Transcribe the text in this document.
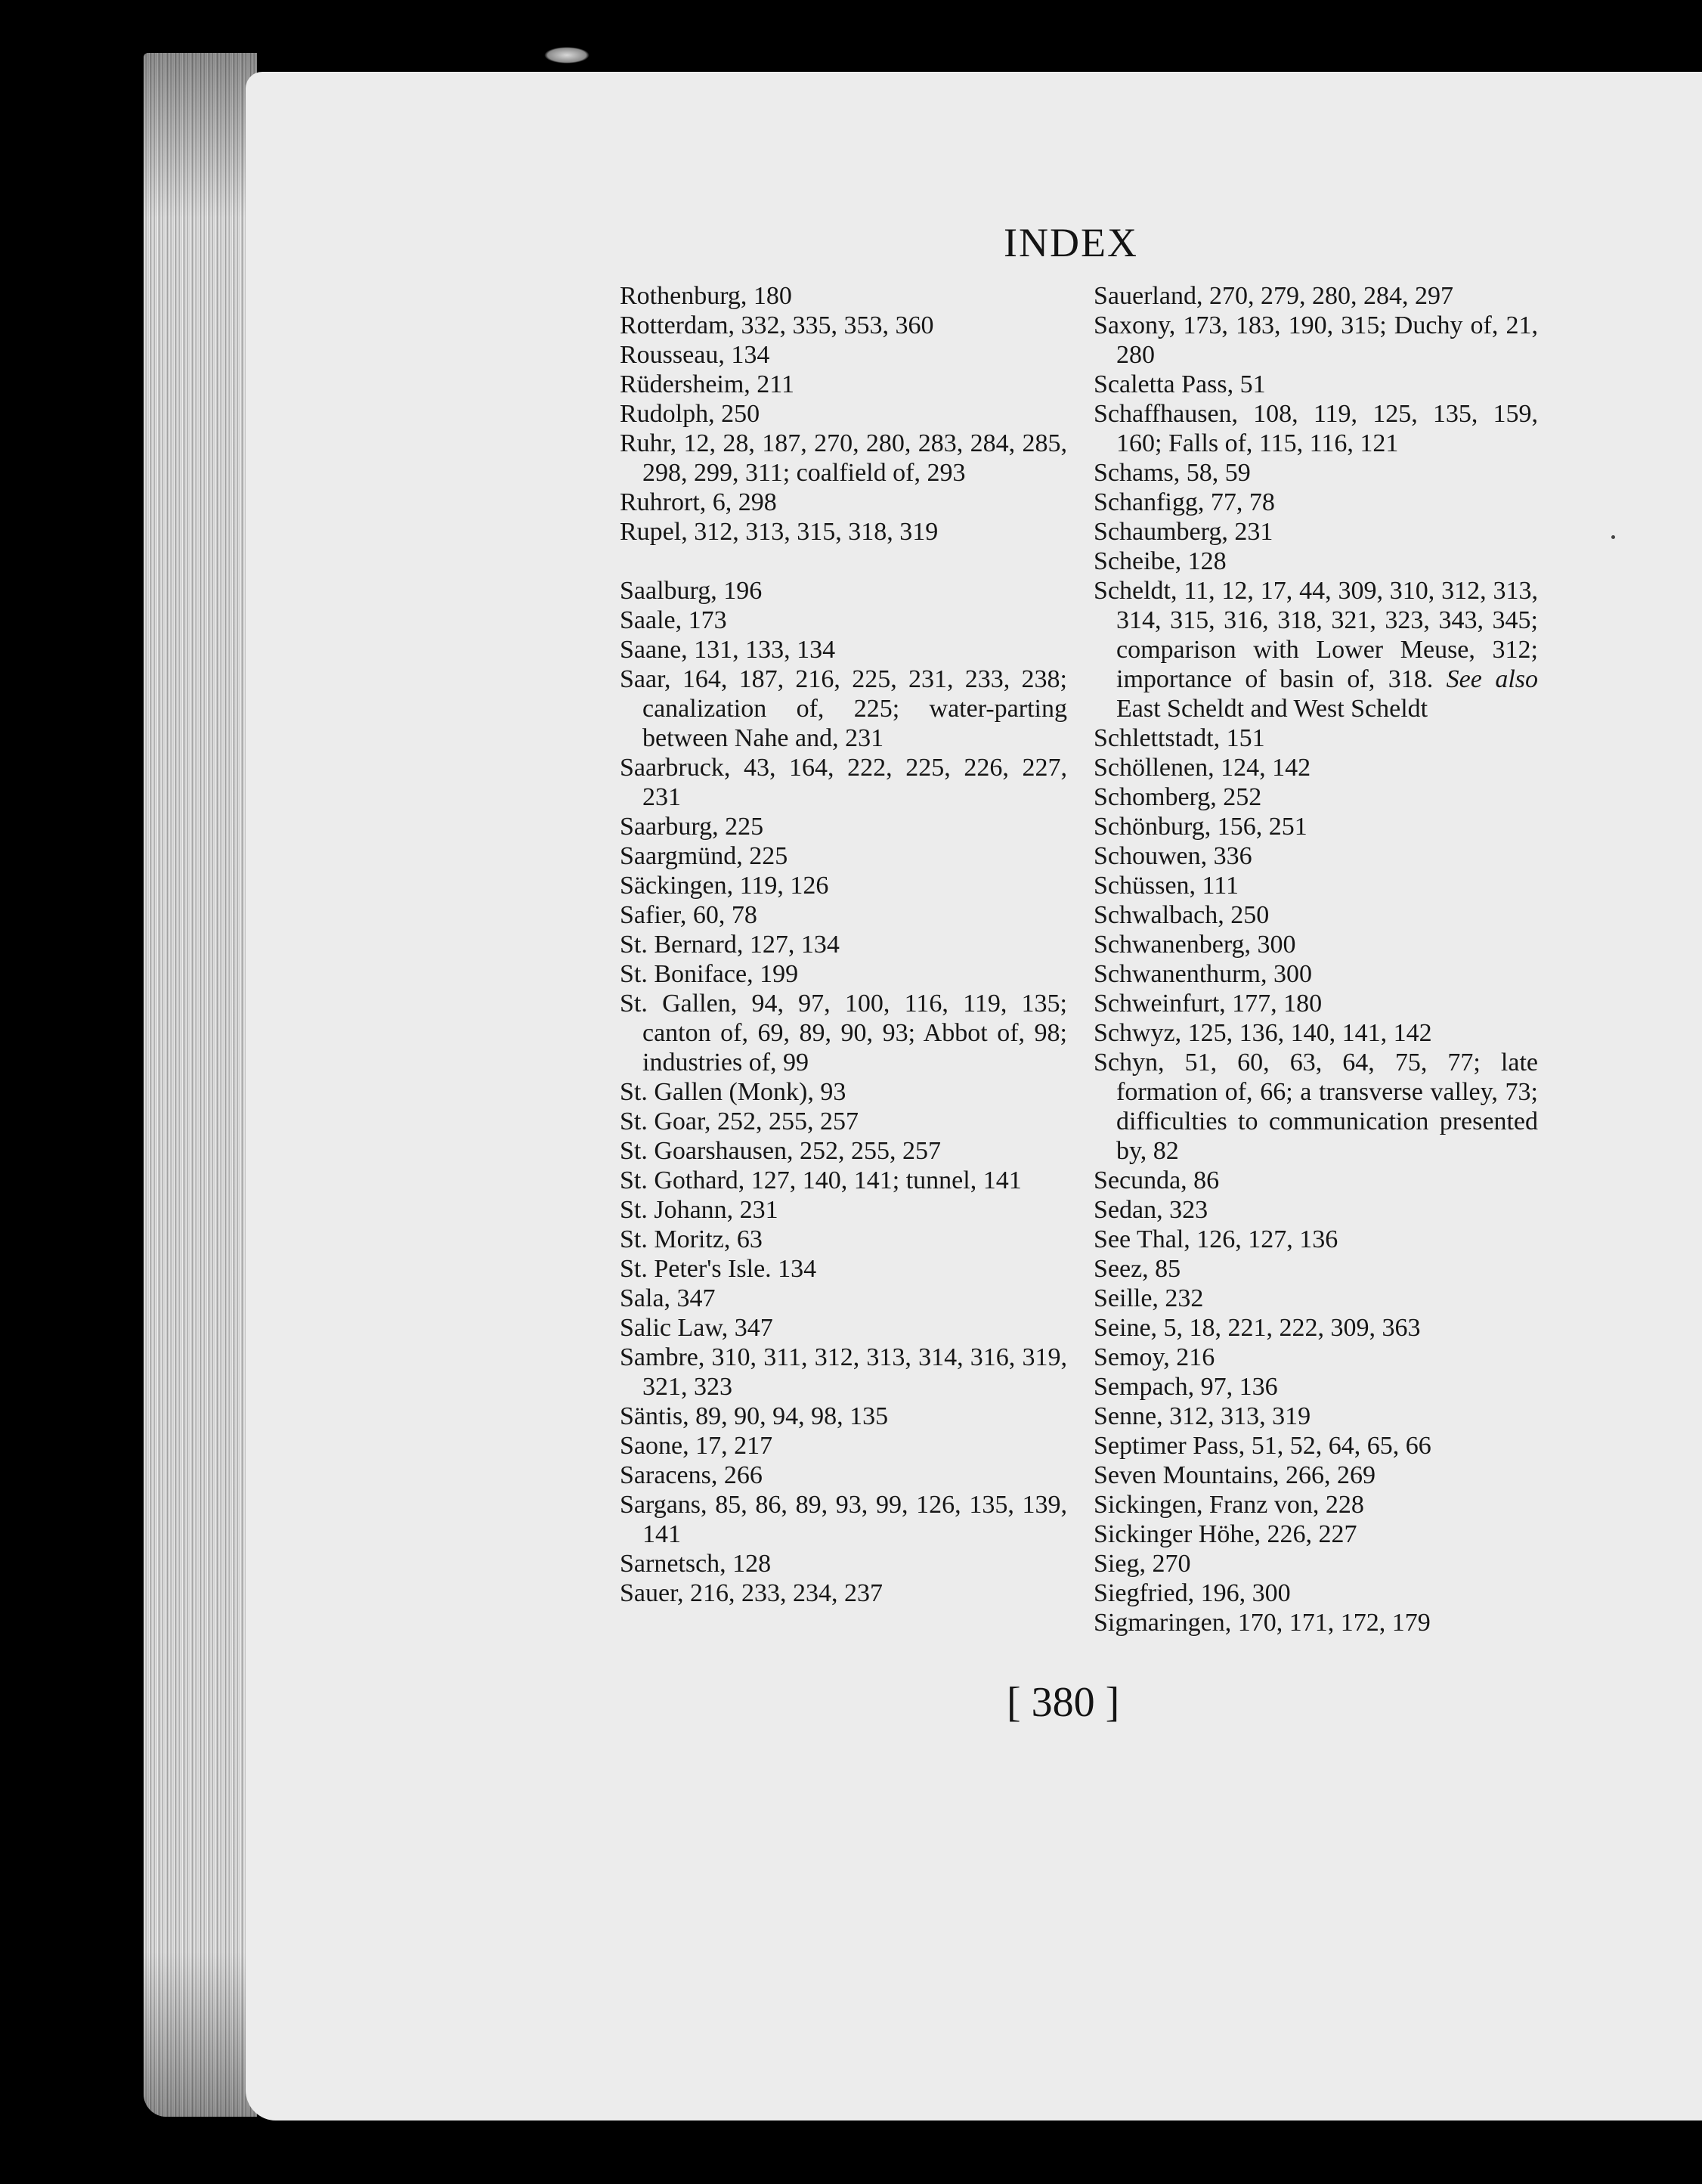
INDEX

Rothenburg, 180

Rotterdam, 332, 335, 353, 360

Rousseau, 134

Rüdersheim, 211

Rudolph, 250

Ruhr, 12, 28, 187, 270, 280, 283, 284, 285, 298, 299, 311; coalfield of, 293

Ruhrort, 6, 298

Rupel, 312, 313, 315, 318, 319

Saalburg, 196

Saale, 173

Saane, 131, 133, 134

Saar, 164, 187, 216, 225, 231, 233, 238; canalization of, 225; water-parting between Nahe and, 231

Saarbruck, 43, 164, 222, 225, 226, 227, 231

Saarburg, 225

Saargmünd, 225

Säckingen, 119, 126

Safier, 60, 78

St. Bernard, 127, 134

St. Boniface, 199

St. Gallen, 94, 97, 100, 116, 119, 135; canton of, 69, 89, 90, 93; Abbot of, 98; industries of, 99

St. Gallen (Monk), 93

St. Goar, 252, 255, 257

St. Goarshausen, 252, 255, 257

St. Gothard, 127, 140, 141; tunnel, 141

St. Johann, 231

St. Moritz, 63

St. Peter's Isle. 134

Sala, 347

Salic Law, 347

Sambre, 310, 311, 312, 313, 314, 316, 319, 321, 323

Säntis, 89, 90, 94, 98, 135

Saone, 17, 217

Saracens, 266

Sargans, 85, 86, 89, 93, 99, 126, 135, 139, 141

Sarnetsch, 128

Sauer, 216, 233, 234, 237

Sauerland, 270, 279, 280, 284, 297

Saxony, 173, 183, 190, 315; Duchy of, 21, 280

Scaletta Pass, 51

Schaffhausen, 108, 119, 125, 135, 159, 160; Falls of, 115, 116, 121

Schams, 58, 59

Schanfigg, 77, 78

Schaumberg, 231

Scheibe, 128

Scheldt, 11, 12, 17, 44, 309, 310, 312, 313, 314, 315, 316, 318, 321, 323, 343, 345; comparison with Lower Meuse, 312; importance of basin of, 318. See also East Scheldt and West Scheldt

Schlettstadt, 151

Schöllenen, 124, 142

Schomberg, 252

Schönburg, 156, 251

Schouwen, 336

Schüssen, 111

Schwalbach, 250

Schwanenberg, 300

Schwanenthurm, 300

Schweinfurt, 177, 180

Schwyz, 125, 136, 140, 141, 142

Schyn, 51, 60, 63, 64, 75, 77; late formation of, 66; a transverse valley, 73; difficulties to communication presented by, 82

Secunda, 86

Sedan, 323

See Thal, 126, 127, 136

Seez, 85

Seille, 232

Seine, 5, 18, 221, 222, 309, 363

Semoy, 216

Sempach, 97, 136

Senne, 312, 313, 319

Septimer Pass, 51, 52, 64, 65, 66

Seven Mountains, 266, 269

Sickingen, Franz von, 228

Sickinger Höhe, 226, 227

Sieg, 270

Siegfried, 196, 300

Sigmaringen, 170, 171, 172, 179

[ 380 ]
